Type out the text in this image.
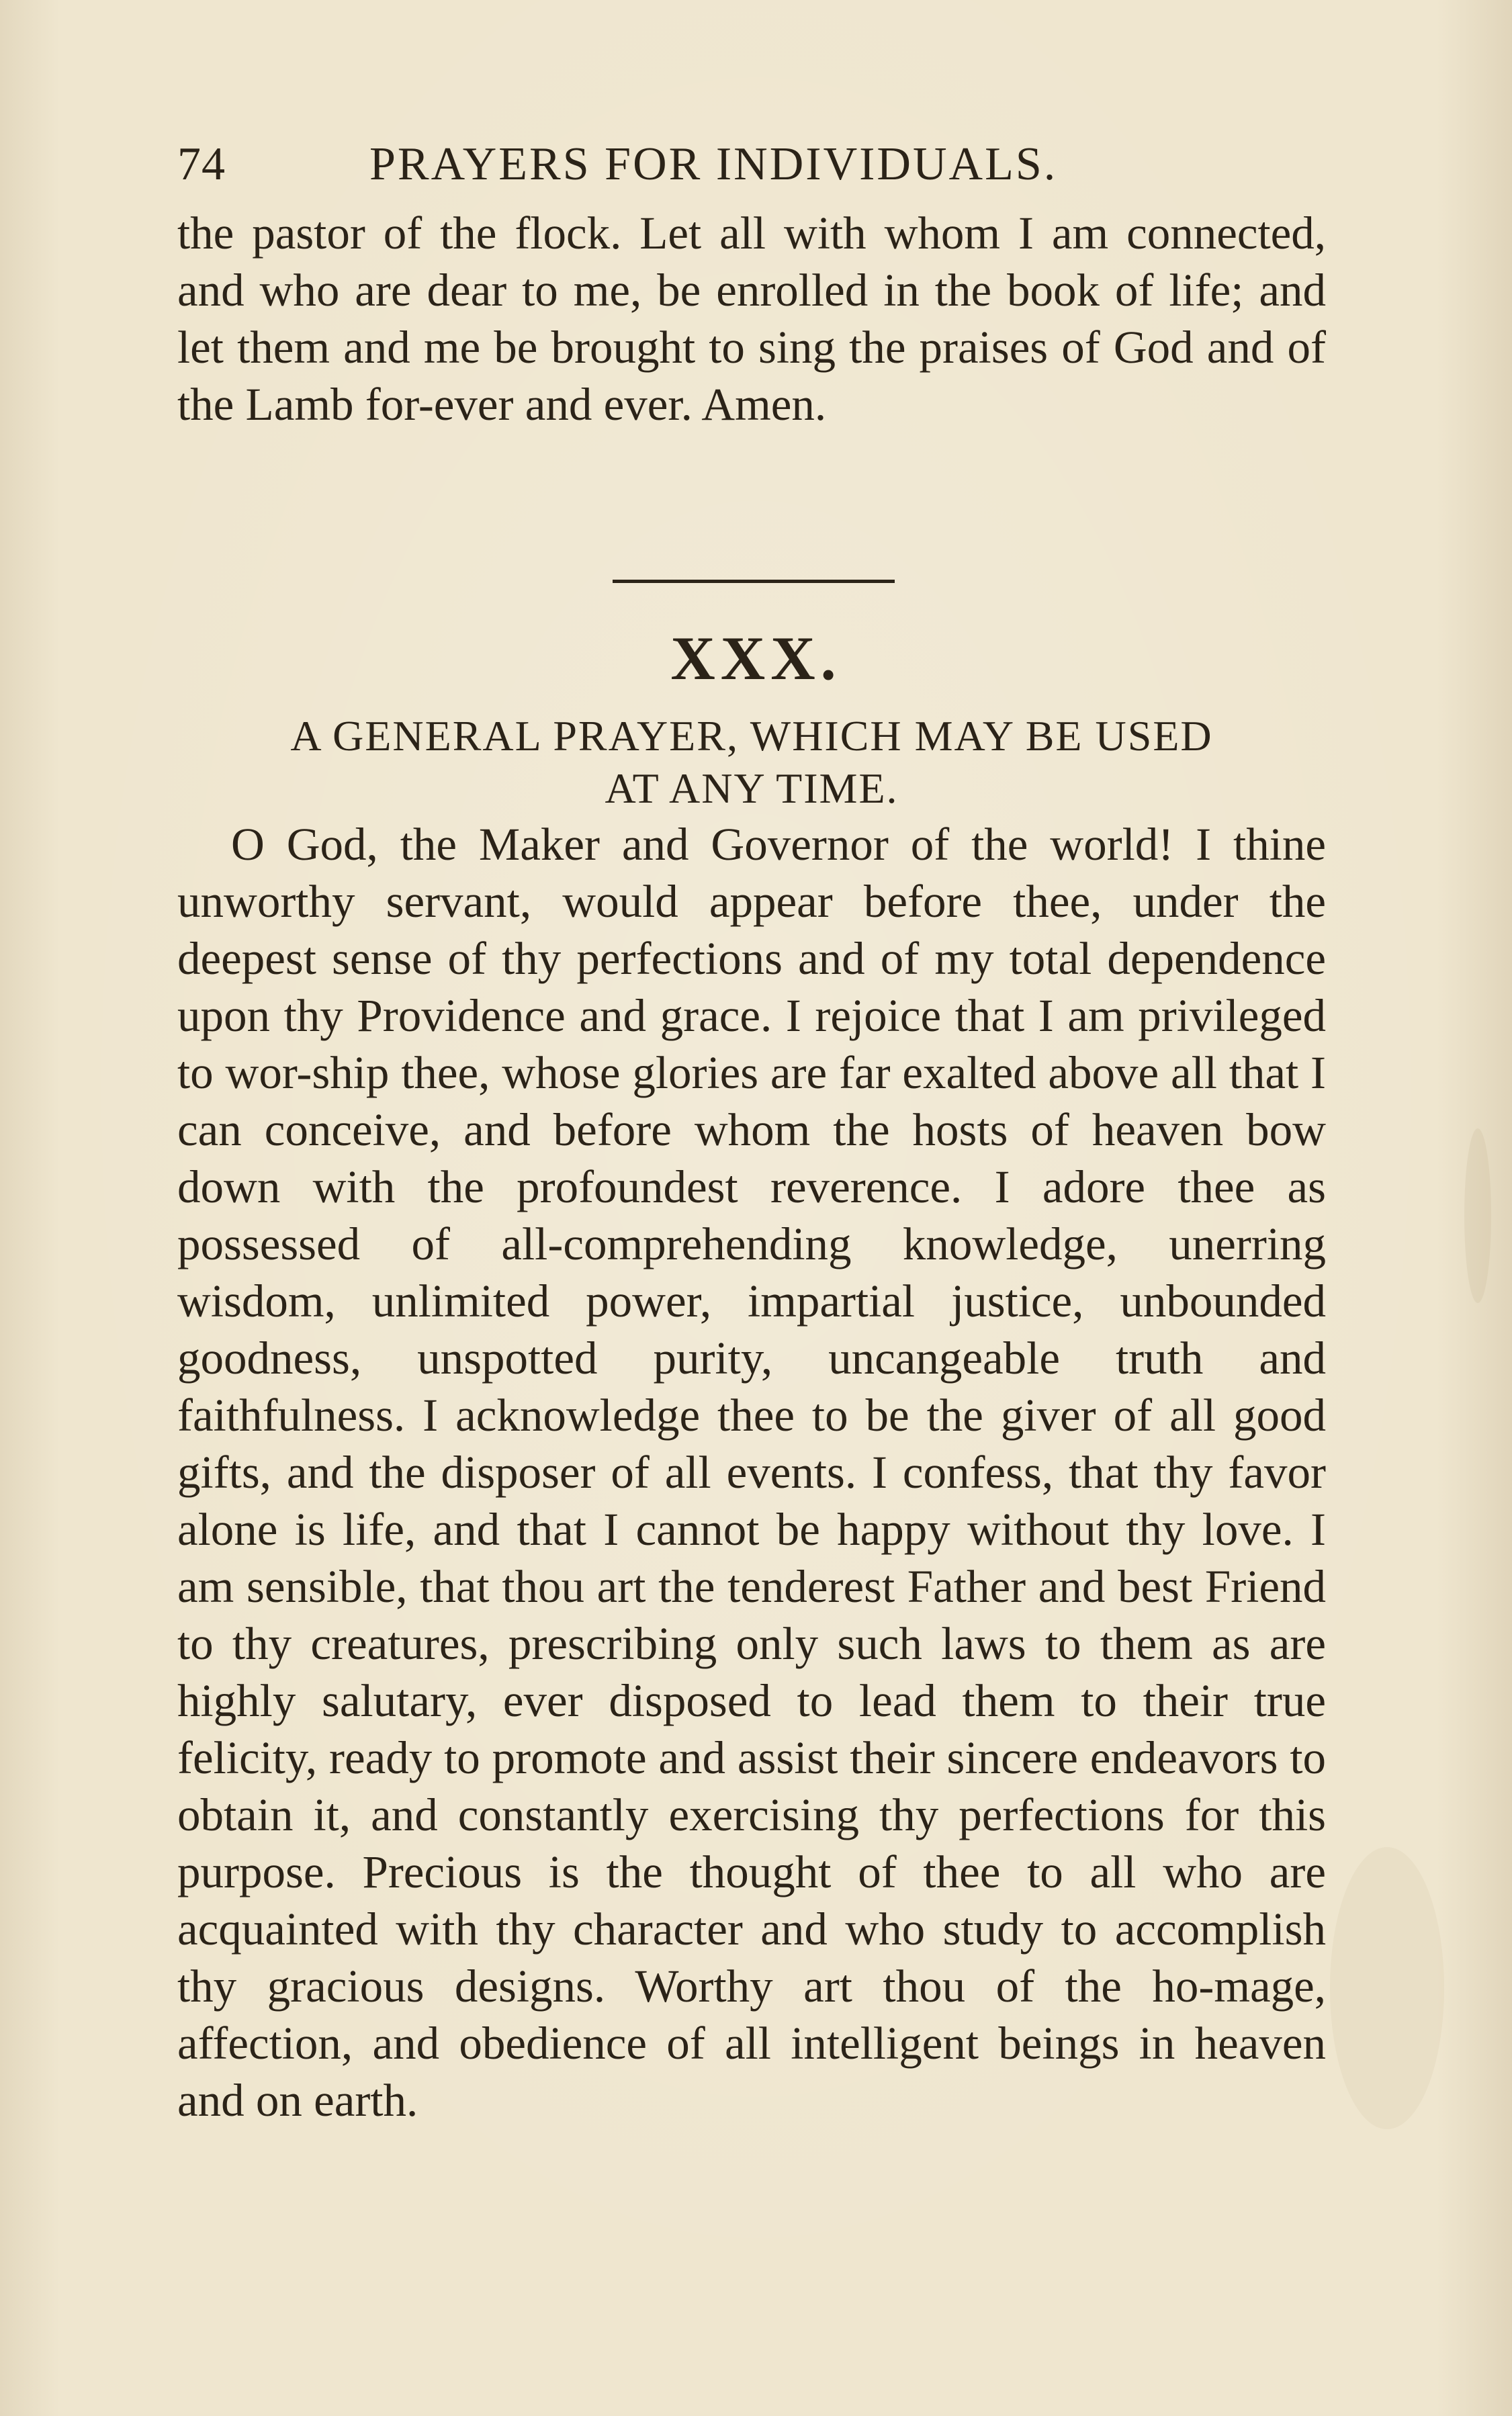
74	PRAYERS FOR INDIVIDUALS.
the pastor of the flock. Let all with whom I am connected, and who are dear to me, be enrolled in the book of life; and let them and me be brought to sing the praises of God and of the Lamb for-ever and ever. Amen.
XXX.
A GENERAL PRAYER, WHICH MAY BE USED
AT ANY TIME.
O God, the Maker and Governor of the world! I thine unworthy servant, would appear before thee, under the deepest sense of thy perfections and of my total dependence upon thy Providence and grace. I rejoice that I am privileged to wor-ship thee, whose glories are far exalted above all that I can conceive, and before whom the hosts of heaven bow down with the profoundest reverence. I adore thee as possessed of all-comprehending knowledge, unerring wisdom, unlimited power, impartial justice, unbounded goodness, unspotted purity, uncangeable truth and faithfulness. I acknowledge thee to be the giver of all good gifts, and the disposer of all events. I confess, that thy favor alone is life, and that I cannot be happy without thy love. I am sensible, that thou art the tenderest Father and best Friend to thy creatures, prescribing only such laws to them as are highly salutary, ever disposed to lead them to their true felicity, ready to promote and assist their sincere endeavors to obtain it, and constantly exercising thy perfections for this purpose. Precious is the thought of thee to all who are acquainted with thy character and who study to accomplish thy gracious designs. Worthy art thou of the ho-mage, affection, and obedience of all intelligent beings in heaven and on earth.
